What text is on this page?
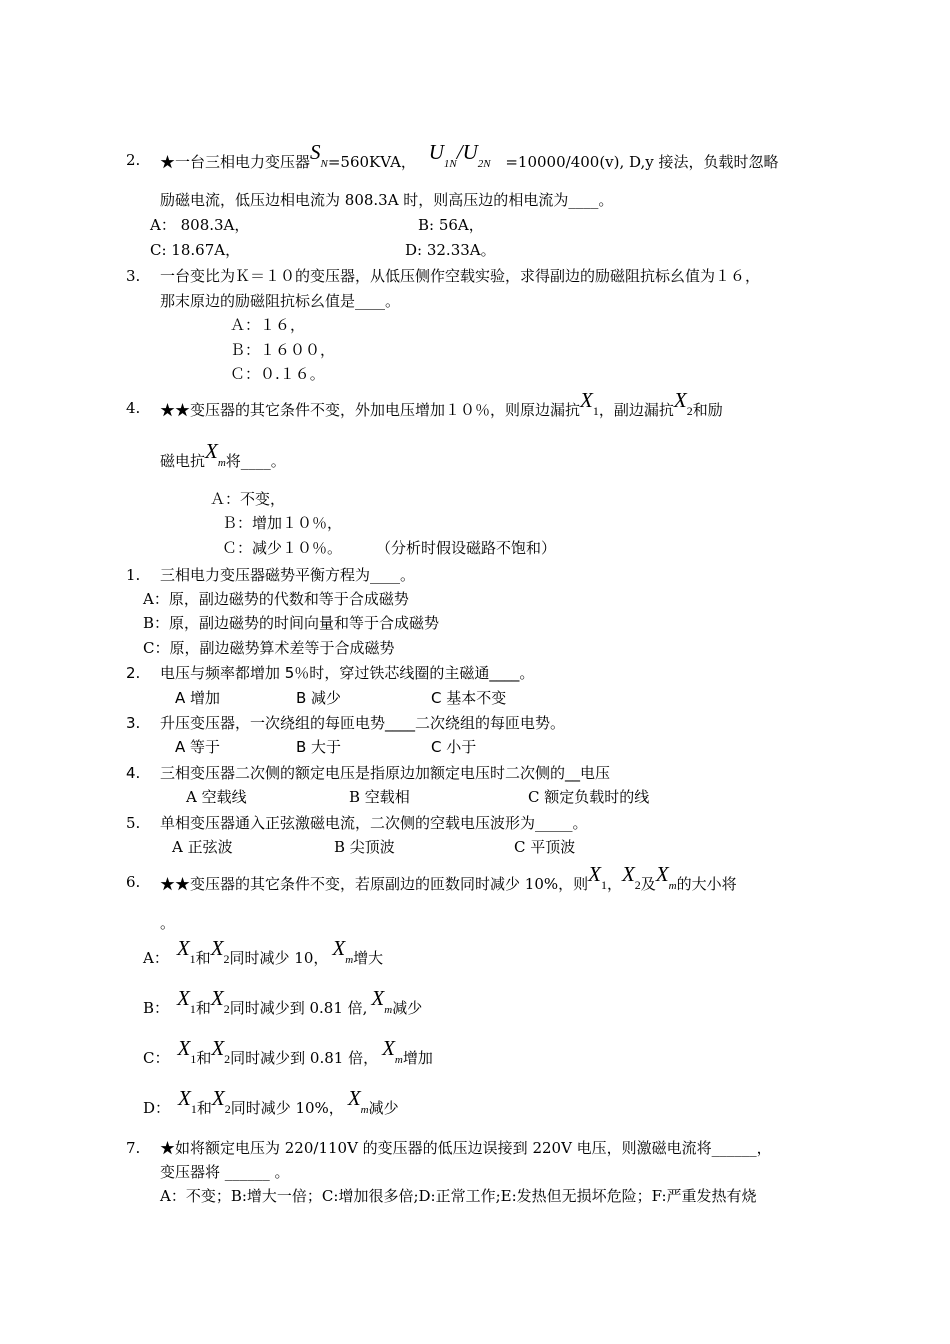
2. ★一台三相电力变压器SN=560KVA， U1N/U2N =10000/400(v), D,y 接法，负载时忽略
励磁电流，低压边相电流为 808.3A 时，则高压边的相电流为____。
A： 808.3A，	B: 56A，
C: 18.67A，	D: 32.33A。
3. 一台变比为Ｋ＝１０的变压器，从低压侧作空载实验，求得副边的励磁阻抗标幺值为１６，
那末原边的励磁阻抗标幺值是____。
Ａ：１６，
Ｂ：１６００，
Ｃ：０.１６。
4. ★★变压器的其它条件不变，外加电压增加１０％，则原边漏抗X1，副边漏抗X2和励
磁电抗Xm将____。
Ａ：不变，
Ｂ：增加１０％，
Ｃ：减少１０％。 （分析时假设磁路不饱和）
1. 三相电力变压器磁势平衡方程为____。
A：原，副边磁势的代数和等于合成磁势
B：原，副边磁势的时间向量和等于合成磁势
C：原，副边磁势算术差等于合成磁势
2. 电压与频率都增加 5％时，穿过铁芯线圈的主磁通____。
A 增加	B 减少	C 基本不变
3. 升压变压器，一次绕组的每匝电势____二次绕组的每匝电势。
A 等于	B 大于	C 小于
4. 三相变压器二次侧的额定电压是指原边加额定电压时二次侧的__电压
A 空载线	B 空载相	C 额定负载时的线
5. 单相变压器通入正弦激磁电流，二次侧的空载电压波形为_____。
A 正弦波	B 尖顶波	C 平顶波
6. ★★变压器的其它条件不变，若原副边的匝数同时减少 10%，则X1，X2及Xm的大小将
。
A： X1和X2同时减少 10， Xm增大
B： X1和X2同时减少到 0.81 倍, Xm减少
C： X1和X2同时减少到 0.81 倍， Xm增加
D： X1和X2同时减少 10%， Xm减少
7. ★如将额定电压为 220/110V 的变压器的低压边误接到 220V 电压，则激磁电流将______，
变压器将 ______ 。
A：不变；B:增大一倍；C:增加很多倍;D:正常工作;E:发热但无损坏危险；F:严重发热有烧
